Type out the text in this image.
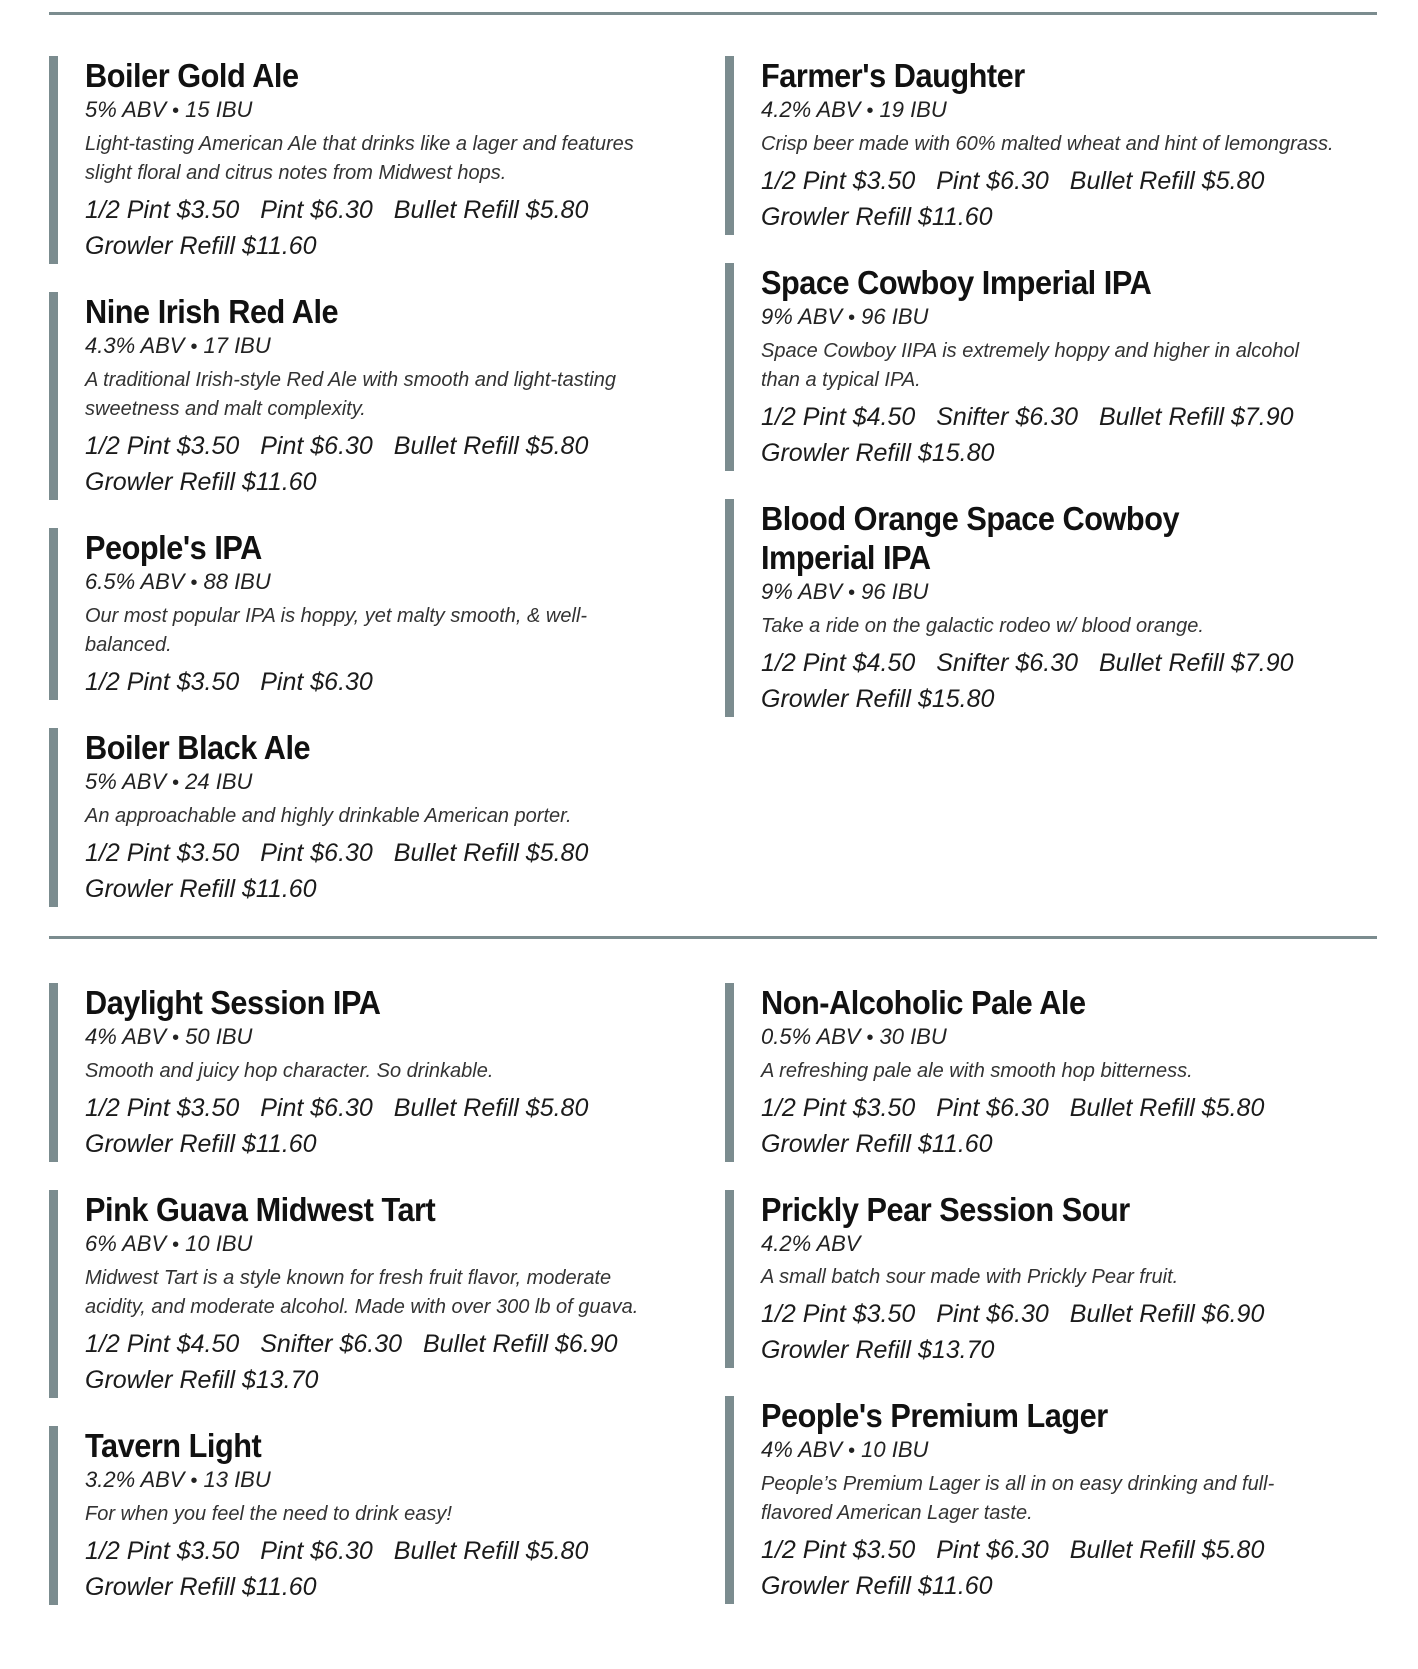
Boiler Gold Ale
5% ABV • 15 IBU
Light-tasting American Ale that drinks like a lager and features slight floral and citrus notes from Midwest hops.
1/2 Pint $3.50 Pint $6.30 Bullet Refill $5.80 Growler Refill $11.60
Nine Irish Red Ale
4.3% ABV • 17 IBU
A traditional Irish-style Red Ale with smooth and light-tasting sweetness and malt complexity.
1/2 Pint $3.50 Pint $6.30 Bullet Refill $5.80 Growler Refill $11.60
People's IPA
6.5% ABV • 88 IBU
Our most popular IPA is hoppy, yet malty smooth, & well-balanced.
1/2 Pint $3.50 Pint $6.30
Boiler Black Ale
5% ABV • 24 IBU
An approachable and highly drinkable American porter.
1/2 Pint $3.50 Pint $6.30 Bullet Refill $5.80 Growler Refill $11.60
Farmer's Daughter
4.2% ABV • 19 IBU
Crisp beer made with 60% malted wheat and hint of lemongrass.
1/2 Pint $3.50 Pint $6.30 Bullet Refill $5.80 Growler Refill $11.60
Space Cowboy Imperial IPA
9% ABV • 96 IBU
Space Cowboy IIPA is extremely hoppy and higher in alcohol than a typical IPA.
1/2 Pint $4.50 Snifter $6.30 Bullet Refill $7.90 Growler Refill $15.80
Blood Orange Space Cowboy Imperial IPA
9% ABV • 96 IBU
Take a ride on the galactic rodeo w/ blood orange.
1/2 Pint $4.50 Snifter $6.30 Bullet Refill $7.90 Growler Refill $15.80
Daylight Session IPA
4% ABV • 50 IBU
Smooth and juicy hop character. So drinkable.
1/2 Pint $3.50 Pint $6.30 Bullet Refill $5.80 Growler Refill $11.60
Pink Guava Midwest Tart
6% ABV • 10 IBU
Midwest Tart is a style known for fresh fruit flavor, moderate acidity, and moderate alcohol. Made with over 300 lb of guava.
1/2 Pint $4.50 Snifter $6.30 Bullet Refill $6.90 Growler Refill $13.70
Tavern Light
3.2% ABV • 13 IBU
For when you feel the need to drink easy!
1/2 Pint $3.50 Pint $6.30 Bullet Refill $5.80 Growler Refill $11.60
Non-Alcoholic Pale Ale
0.5% ABV • 30 IBU
A refreshing pale ale with smooth hop bitterness.
1/2 Pint $3.50 Pint $6.30 Bullet Refill $5.80 Growler Refill $11.60
Prickly Pear Session Sour
4.2% ABV
A small batch sour made with Prickly Pear fruit.
1/2 Pint $3.50 Pint $6.30 Bullet Refill $6.90 Growler Refill $13.70
People's Premium Lager
4% ABV • 10 IBU
People’s Premium Lager is all in on easy drinking and full-flavored American Lager taste.
1/2 Pint $3.50 Pint $6.30 Bullet Refill $5.80 Growler Refill $11.60
